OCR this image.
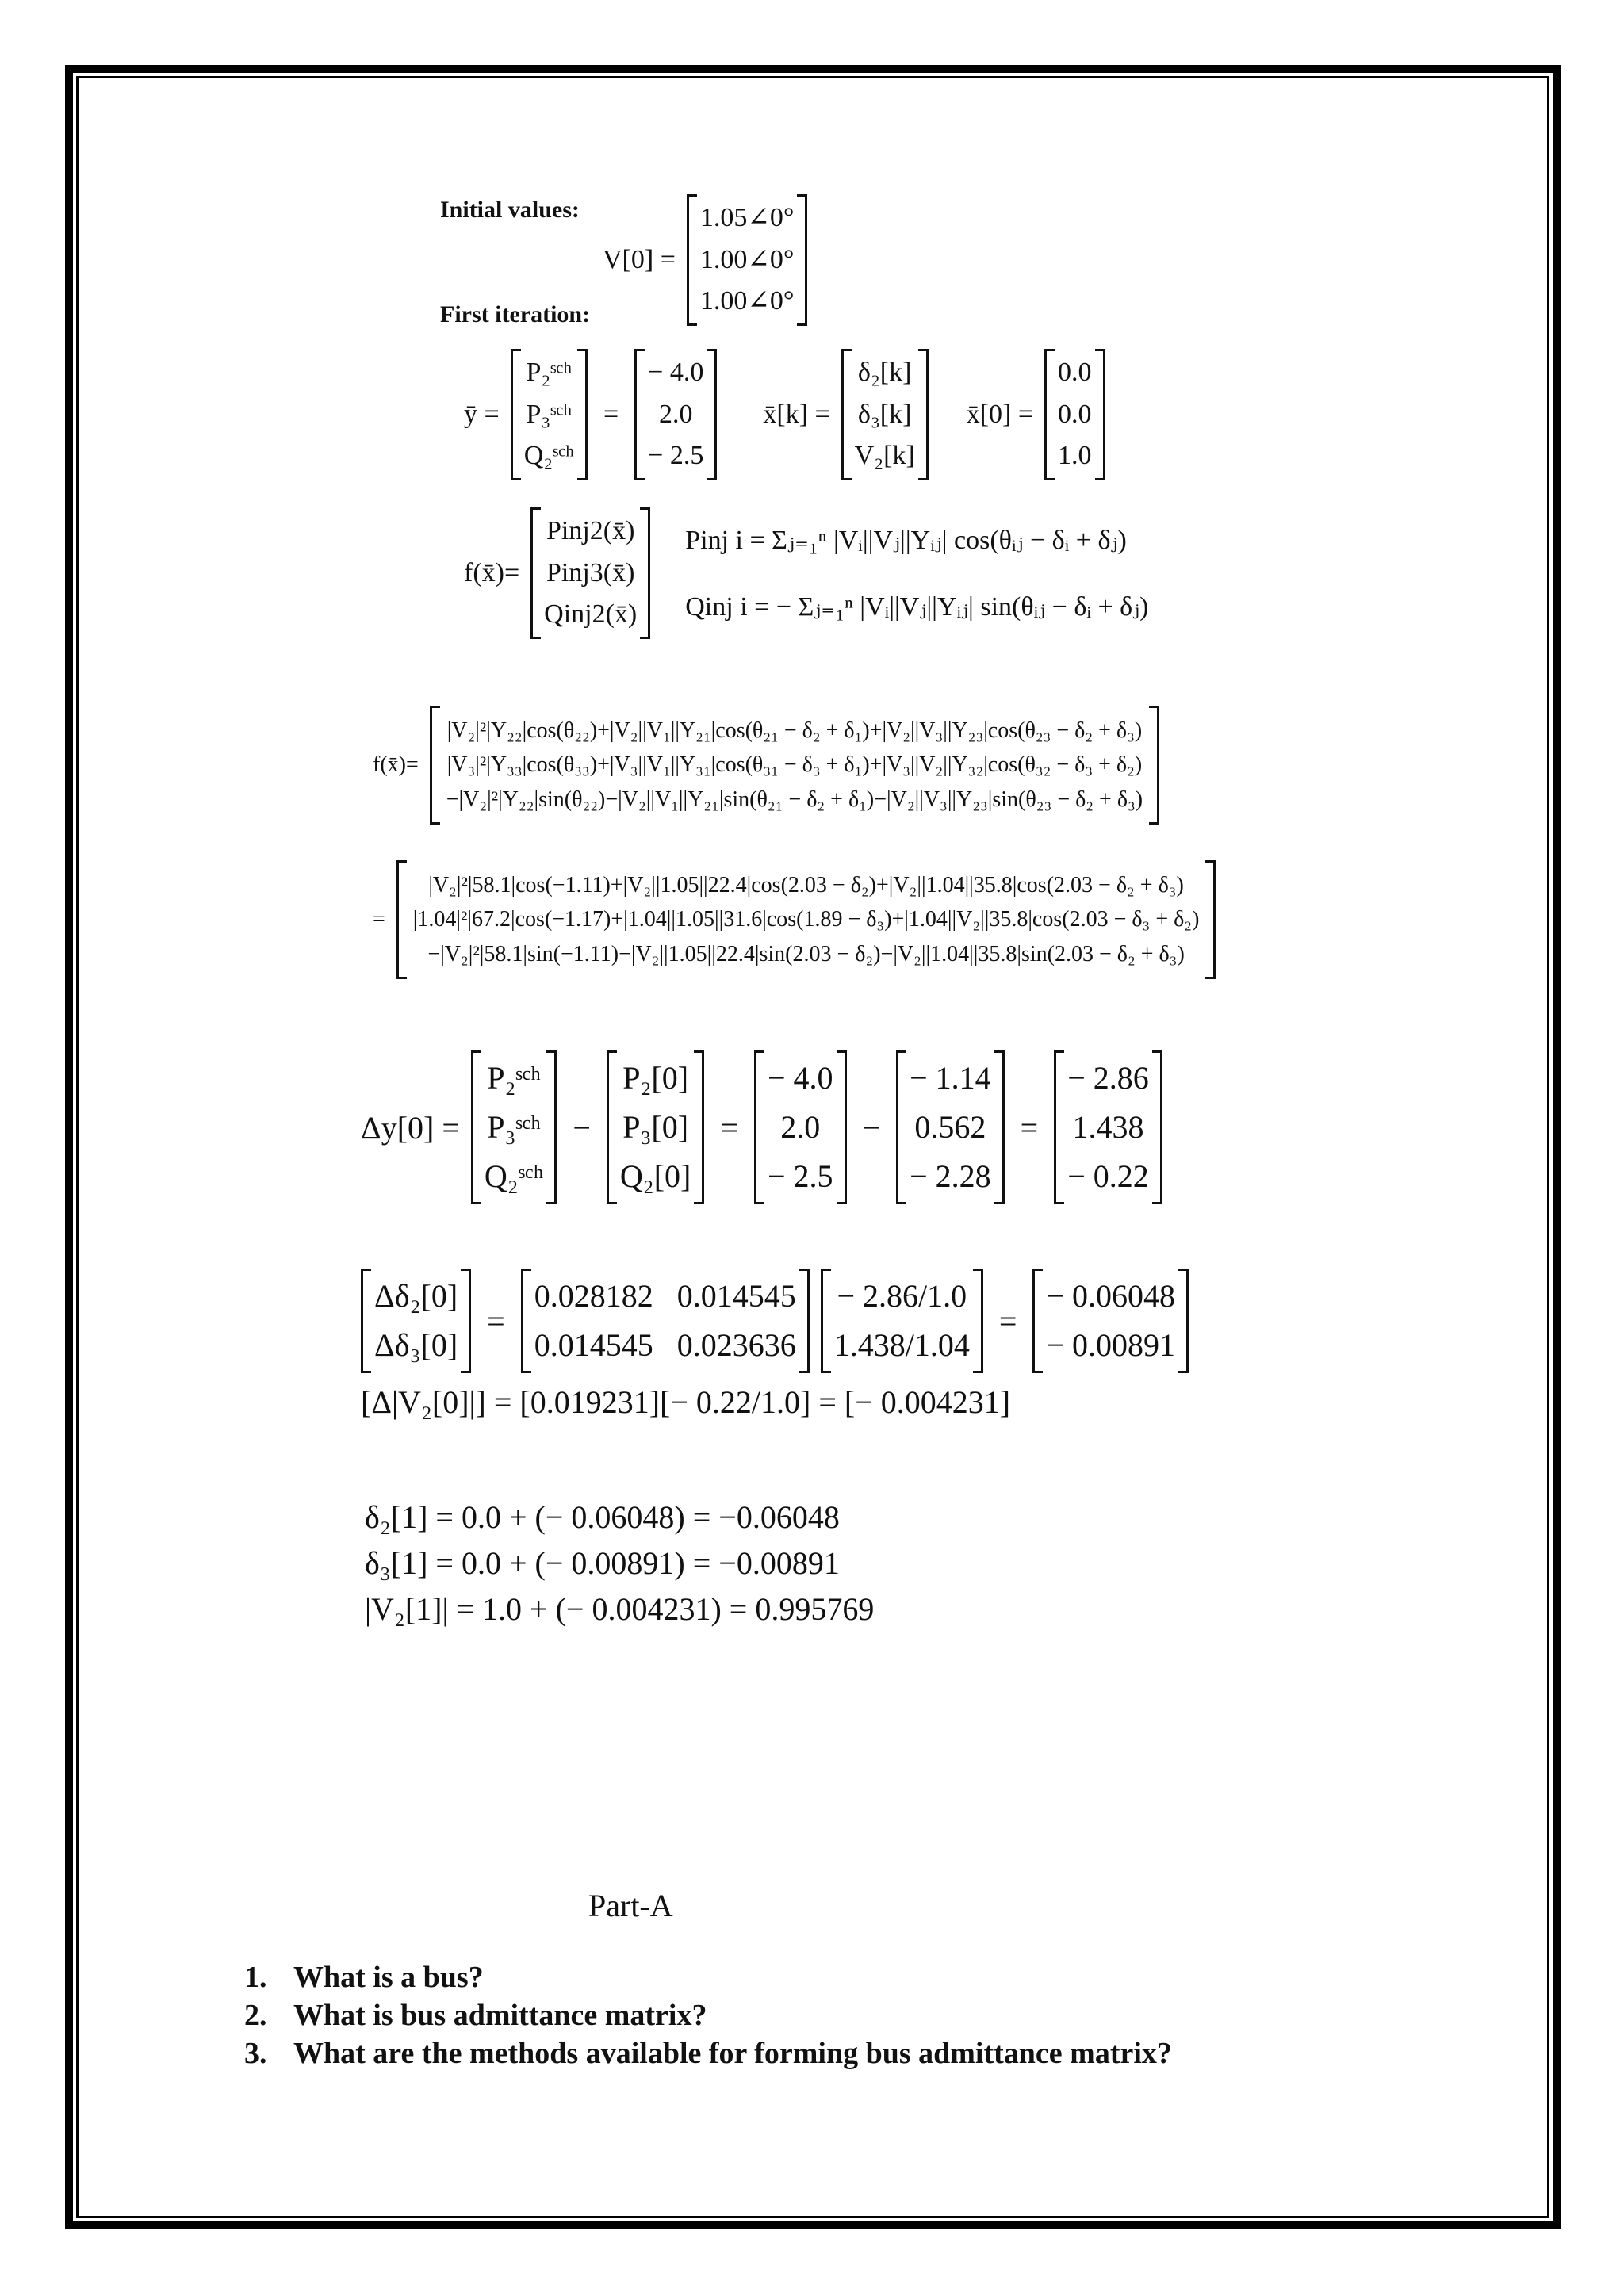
Initial values:
V[0] =
1.05∠0°
1.00∠0°
1.00∠0°
First iteration:
ȳ =
P₂ˢᶜʰ
P₃ˢᶜʰ
Q₂ˢᶜʰ
=
− 4.0
2.0
− 2.5
x̄[k] =
δ₂[k]
δ₃[k]
V₂[k]
x̄[0] =
0.0
0.0
1.0
f(x̄)=
Pinj2(x̄)
Pinj3(x̄)
Qinj2(x̄)
Pinj i = Σⱼ₌₁ⁿ |Vᵢ||Vⱼ||Yᵢⱼ| cos(θᵢⱼ − δᵢ + δⱼ)
Qinj i = − Σⱼ₌₁ⁿ |Vᵢ||Vⱼ||Yᵢⱼ| sin(θᵢⱼ − δᵢ + δⱼ)
f(x̄)=
|V₂|²|Y₂₂|cos(θ₂₂)+|V₂||V₁||Y₂₁|cos(θ₂₁ − δ₂ + δ₁)+|V₂||V₃||Y₂₃|cos(θ₂₃ − δ₂ + δ₃)
|V₃|²|Y₃₃|cos(θ₃₃)+|V₃||V₁||Y₃₁|cos(θ₃₁ − δ₃ + δ₁)+|V₃||V₂||Y₃₂|cos(θ₃₂ − δ₃ + δ₂)
−|V₂|²|Y₂₂|sin(θ₂₂)−|V₂||V₁||Y₂₁|sin(θ₂₁ − δ₂ + δ₁)−|V₂||V₃||Y₂₃|sin(θ₂₃ − δ₂ + δ₃)
=
|V₂|²|58.1|cos(−1.11)+|V₂||1.05||22.4|cos(2.03 − δ₂)+|V₂||1.04||35.8|cos(2.03 − δ₂ + δ₃)
|1.04|²|67.2|cos(−1.17)+|1.04||1.05||31.6|cos(1.89 − δ₃)+|1.04||V₂||35.8|cos(2.03 − δ₃ + δ₂)
−|V₂|²|58.1|sin(−1.11)−|V₂||1.05||22.4|sin(2.03 − δ₂)−|V₂||1.04||35.8|sin(2.03 − δ₂ + δ₃)
Δy[0] =
P₂ˢᶜʰ
P₃ˢᶜʰ
Q₂ˢᶜʰ
−
P₂[0]
P₃[0]
Q₂[0]
=
− 4.0
2.0
− 2.5
−
− 1.14
0.562
− 2.28
=
− 2.86
1.438
− 0.22
Δδ₂[0]
Δδ₃[0]
=
0.028182 0.014545
0.014545 0.023636
− 2.86/1.0
1.438/1.04
=
− 0.06048
− 0.00891
[Δ|V₂[0]|] = [0.019231][− 0.22/1.0] = [− 0.004231]
δ₂[1] = 0.0 + (− 0.06048) = −0.06048
δ₃[1] = 0.0 + (− 0.00891) = −0.00891
|V₂[1]| = 1.0 + (− 0.004231) = 0.995769
Part-A
1. What is a bus?
2. What is bus admittance matrix?
3. What are the methods available for forming bus admittance matrix?
